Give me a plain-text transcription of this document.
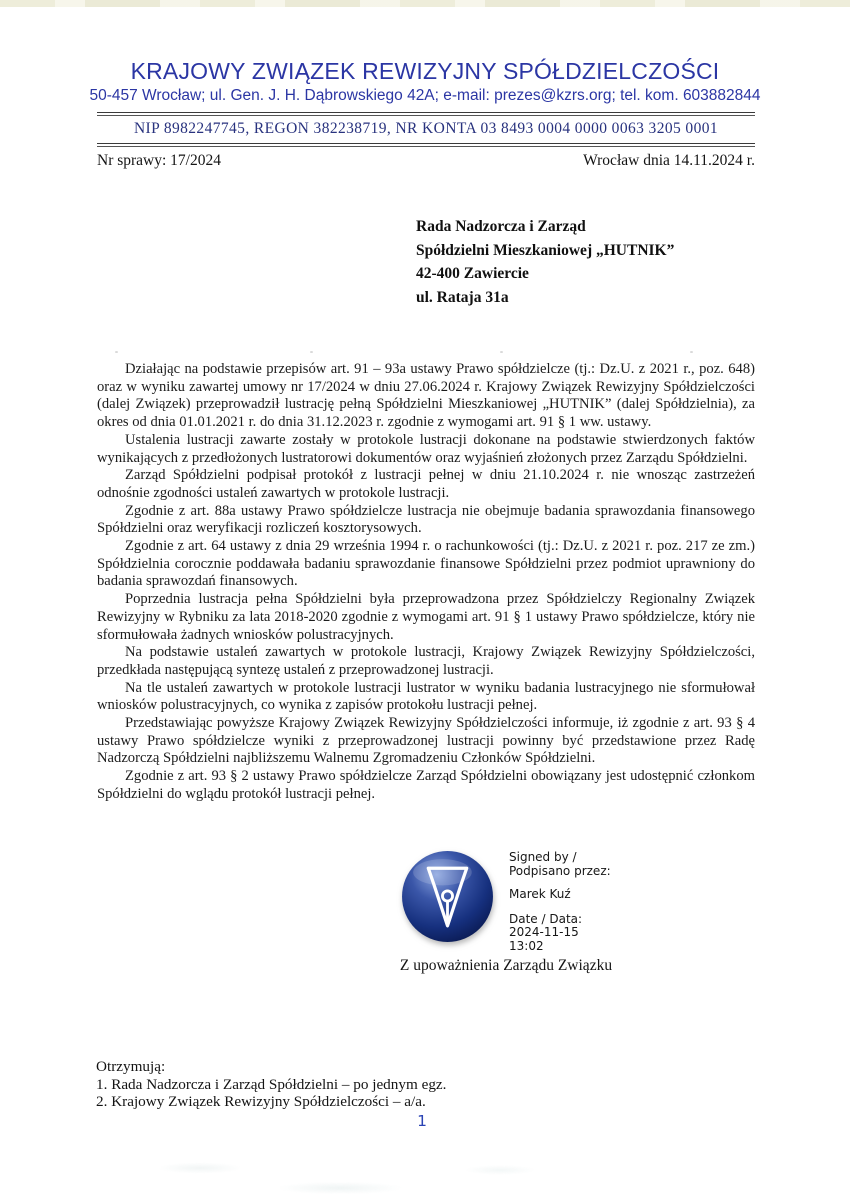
KRAJOWY ZWIĄZEK REWIZYJNY SPÓŁDZIELCZOŚCI
50-457 Wrocław; ul. Gen. J. H. Dąbrowskiego 42A; e-mail: prezes@kzrs.org; tel. kom. 603882844
NIP 8982247745, REGON 382238719, NR KONTA 03 8493 0004 0000 0063 3205 0001
Nr sprawy: 17/2024	Wrocław dnia 14.11.2024 r.
Rada Nadzorcza i Zarząd
Spółdzielni Mieszkaniowej „HUTNIK”
42-400 Zawiercie
ul. Rataja 31a

Działając na podstawie przepisów art. 91 – 93a ustawy Prawo spółdzielcze (tj.: Dz.U. z 2021 r., poz. 648) oraz w wyniku zawartej umowy nr 17/2024 w dniu 27.06.2024 r. Krajowy Związek Rewizyjny Spółdzielczości (dalej Związek) przeprowadził lustrację pełną Spółdzielni Mieszkaniowej „HUTNIK” (dalej Spółdzielnia), za okres od dnia 01.01.2021 r. do dnia 31.12.2023 r. zgodnie z wymogami art. 91 § 1 ww. ustawy.

Ustalenia lustracji zawarte zostały w protokole lustracji dokonane na podstawie stwierdzonych faktów wynikających z przedłożonych lustratorowi dokumentów oraz wyjaśnień złożonych przez Zarządu Spółdzielni.

Zarząd Spółdzielni podpisał protokół z lustracji pełnej w dniu 21.10.2024 r. nie wnosząc zastrzeżeń odnośnie zgodności ustaleń zawartych w protokole lustracji.

Zgodnie z art. 88a ustawy Prawo spółdzielcze lustracja nie obejmuje badania sprawozdania finansowego Spółdzielni oraz weryfikacji rozliczeń kosztorysowych.

Zgodnie z art. 64 ustawy z dnia 29 września 1994 r. o rachunkowości (tj.: Dz.U. z 2021 r. poz. 217 ze zm.) Spółdzielnia corocznie poddawała badaniu sprawozdanie finansowe Spółdzielni przez podmiot uprawniony do badania sprawozdań finansowych.

Poprzednia lustracja pełna Spółdzielni była przeprowadzona przez Spółdzielczy Regionalny Związek Rewizyjny w Rybniku za lata 2018-2020 zgodnie z wymogami art. 91 § 1 ustawy Prawo spółdzielcze, który nie sformułowała żadnych wniosków polustracyjnych.

Na podstawie ustaleń zawartych w protokole lustracji, Krajowy Związek Rewizyjny Spółdzielczości, przedkłada następującą syntezę ustaleń z przeprowadzonej lustracji.

Na tle ustaleń zawartych w protokole lustracji lustrator w wyniku badania lustracyjnego nie sformułował wniosków polustracyjnych, co wynika z zapisów protokołu lustracji pełnej.

Przedstawiając powyższe Krajowy Związek Rewizyjny Spółdzielczości informuje, iż zgodnie z art. 93 § 4 ustawy Prawo spółdzielcze wyniki z przeprowadzonej lustracji powinny być przedstawione przez Radę Nadzorczą Spółdzielni najbliższemu Walnemu Zgromadzeniu Członków Spółdzielni.

Zgodnie z art. 93 § 2 ustawy Prawo spółdzielcze Zarząd Spółdzielni obowiązany jest udostępnić członkom Spółdzielni do wglądu protokół lustracji pełnej.

Signed by /
Podpisano przez:
Marek Kuź
Date / Data:
2024-11-15
13:02
Z upoważnienia Zarządu Związku
Otrzymują:
1. Rada Nadzorcza i Zarząd Spółdzielni – po jednym egz.
2. Krajowy Związek Rewizyjny Spółdzielczości – a/a.
1
